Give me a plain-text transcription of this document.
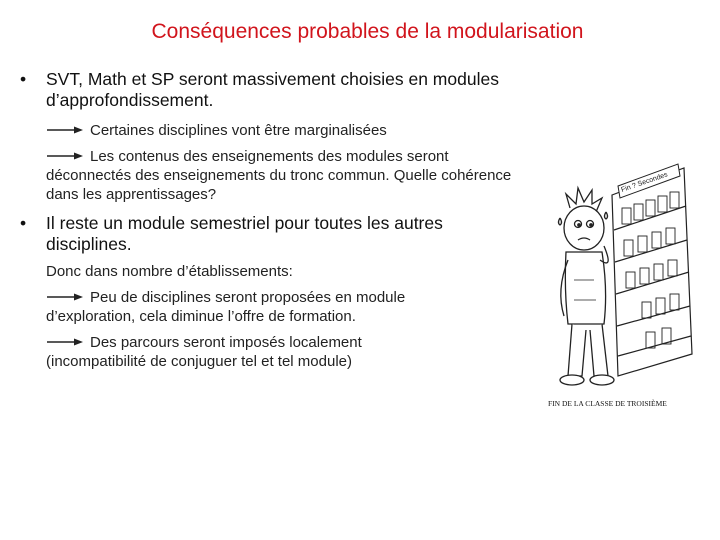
Conséquences probables de la modularisation
•	SVT, Math et SP seront massivement choisies en modules d’approfondissement.
Certaines disciplines vont être marginalisées
Les contenus des enseignements des modules seront
déconnectés des enseignements du tronc commun. Quelle cohérence dans les apprentissages?
•	Il reste un module semestriel pour toutes les autres disciplines.
Donc dans nombre d’établissements:
Peu de disciplines seront proposées en module
d’exploration, cela diminue l’offre de formation.
Des parcours seront imposés localement
(incompatibilité de conjuguer tel et tel module)
Fin ? Secondes
FIN DE LA CLASSE DE TROISIÈME
